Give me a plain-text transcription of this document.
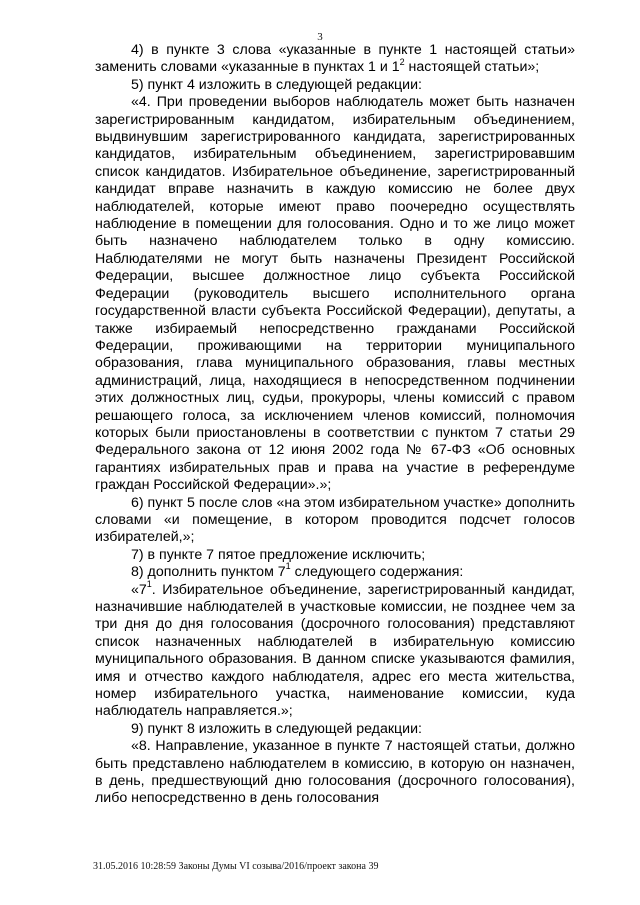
3

4) в пункте 3 слова «указанные в пункте 1 настоящей статьи» заменить словами «указанные в пунктах 1 и $1^2$ настоящей статьи»;

5) пункт 4 изложить в следующей редакции:

«4. При проведении выборов наблюдатель может быть назначен зарегистрированным кандидатом, избирательным объединением, выдвинувшим зарегистрированного кандидата, зарегистрированных кандидатов, избирательным объединением, зарегистрировавшим список кандидатов. Избирательное объединение, зарегистрированный кандидат вправе назначить в каждую комиссию не более двух наблюдателей, которые имеют право поочередно осуществлять наблюдение в помещении для голосования. Одно и то же лицо может быть назначено наблюдателем только в одну комиссию. Наблюдателями не могут быть назначены Президент Российской Федерации, высшее должностное лицо субъекта Российской Федерации (руководитель высшего исполнительного органа государственной власти субъекта Российской Федерации), депутаты, а также избираемый непосредственно гражданами Российской Федерации, проживающими на территории муниципального образования, глава муниципального образования, главы местных администраций, лица, находящиеся в непосредственном подчинении этих должностных лиц, судьи, прокуроры, члены комиссий с правом решающего голоса, за исключением членов комиссий, полномочия которых были приостановлены в соответствии с пунктом 7 статьи 29 Федерального закона от 12 июня 2002 года № 67-ФЗ «Об основных гарантиях избирательных прав и права на участие в референдуме граждан Российской Федерации».»;

6) пункт 5 после слов «на этом избирательном участке» дополнить словами «и помещение, в котором проводится подсчет голосов избирателей,»;

7) в пункте 7 пятое предложение исключить;

8) дополнить пунктом $7^1$ следующего содержания:

«$7^1$. Избирательное объединение, зарегистрированный кандидат, назначившие наблюдателей в участковые комиссии, не позднее чем за три дня до дня голосования (досрочного голосования) представляют список назначенных наблюдателей в избирательную комиссию муниципального образования. В данном списке указываются фамилия, имя и отчество каждого наблюдателя, адрес его места жительства, номер избирательного участка, наименование комиссии, куда наблюдатель направляется.»;

9) пункт 8 изложить в следующей редакции:

«8. Направление, указанное в пункте 7 настоящей статьи, должно быть представлено наблюдателем в комиссию, в которую он назначен, в день, предшествующий дню голосования (досрочного голосования), либо непосредственно в день голосования

31.05.2016 10:28:59 Законы Думы VI созыва/2016/проект закона 39
